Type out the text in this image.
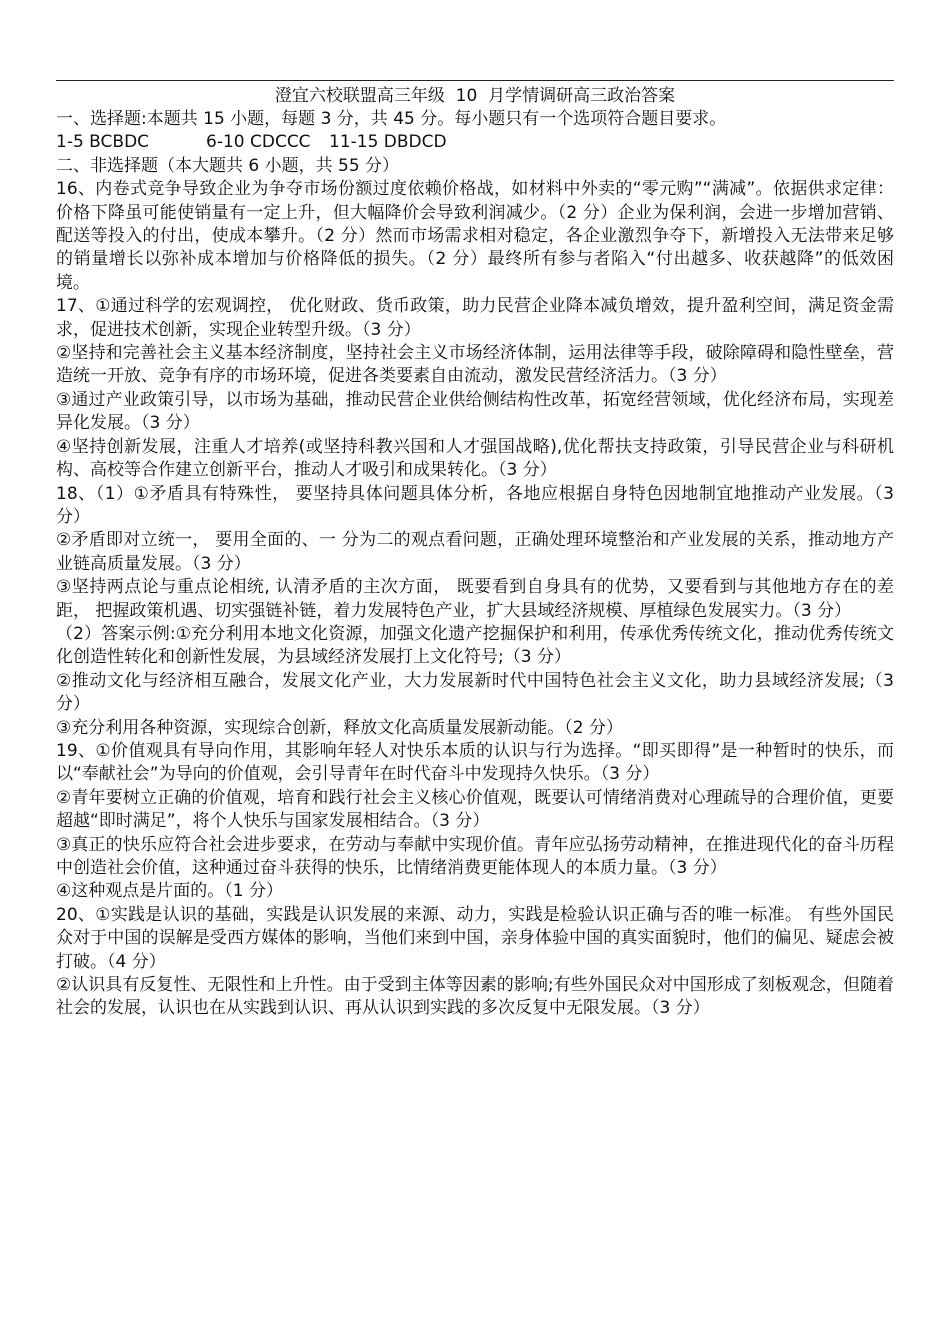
澄宜六校联盟高三年级  10  月学情调研高三政治答案

一、选择题:本题共 15 小题，每题 3 分，共 45 分。每小题只有一个选项符合题目要求。

1-5 BCBDC	6-10 CDCCC	11-15 DBDCD

二、非选择题（本大题共 6 小题，共 55 分）

16、内卷式竞争导致企业为争夺市场份额过度依赖价格战，如材料中外卖的“零元购”“满减”。依据供求定律：价格下降虽可能使销量有一定上升，但大幅降价会导致利润减少。（2 分）企业为保利润，会进一步增加营销、配送等投入的付出，使成本攀升。（2 分）然而市场需求相对稳定，各企业激烈争夺下，新增投入无法带来足够的销量增长以弥补成本增加与价格降低的损失。（2 分）最终所有参与者陷入“付出越多、收获越降”的低效困境。

17、①通过科学的宏观调控， 优化财政、货币政策，助力民营企业降本减负增效，提升盈利空间，满足资金需求，促进技术创新，实现企业转型升级。（3 分）

②坚持和完善社会主义基本经济制度，坚持社会主义市场经济体制，运用法律等手段，破除障碍和隐性壁垒，营造统一开放、竞争有序的市场环境，促进各类要素自由流动，激发民营经济活力。（3 分）

③通过产业政策引导，以市场为基础，推动民营企业供给侧结构性改革，拓宽经营领域，优化经济布局，实现差异化发展。（3 分）

④坚持创新发展，注重人才培养(或坚持科教兴国和人才强国战略),优化帮扶支持政策，引导民营企业与科研机构、高校等合作建立创新平台，推动人才吸引和成果转化。（3 分）

18、（1）①矛盾具有特殊性， 要坚持具体问题具体分析，各地应根据自身特色因地制宜地推动产业发展。（3 分）

②矛盾即对立统一， 要用全面的、一 分为二的观点看问题，正确处理环境整治和产业发展的关系，推动地方产业链高质量发展。（3 分）

③坚持两点论与重点论相统, 认清矛盾的主次方面， 既要看到自身具有的优势，又要看到与其他地方存在的差距， 把握政策机遇、切实强链补链，着力发展特色产业，扩大县域经济规模、厚植绿色发展实力。（3 分）

（2）答案示例:①充分利用本地文化资源，加强文化遗产挖掘保护和利用，传承优秀传统文化，推动优秀传统文化创造性转化和创新性发展，为县域经济发展打上文化符号;（3 分）

②推动文化与经济相互融合，发展文化产业，大力发展新时代中国特色社会主义文化，助力县域经济发展;（3 分）

③充分利用各种资源，实现综合创新，释放文化高质量发展新动能。（2 分）

19、①价值观具有导向作用，其影响年轻人对快乐本质的认识与行为选择。“即买即得”是一种暂时的快乐，而以“奉献社会”为导向的价值观，会引导青年在时代奋斗中发现持久快乐。（3 分）

②青年要树立正确的价值观，培育和践行社会主义核心价值观，既要认可情绪消费对心理疏导的合理价值，更要超越“即时满足”，将个人快乐与国家发展相结合。（3 分）

③真正的快乐应符合社会进步要求，在劳动与奉献中实现价值。青年应弘扬劳动精神，在推进现代化的奋斗历程中创造社会价值，这种通过奋斗获得的快乐，比情绪消费更能体现人的本质力量。（3 分）

④这种观点是片面的。（1 分）

20、①实践是认识的基础，实践是认识发展的来源、动力，实践是检验认识正确与否的唯一标准。 有些外国民众对于中国的误解是受西方媒体的影响，当他们来到中国，亲身体验中国的真实面貌时，他们的偏见、疑虑会被打破。（4 分）

②认识具有反复性、无限性和上升性。由于受到主体等因素的影响;有些外国民众对中国形成了刻板观念，但随着社会的发展，认识也在从实践到认识、再从认识到实践的多次反复中无限发展。（3 分）
